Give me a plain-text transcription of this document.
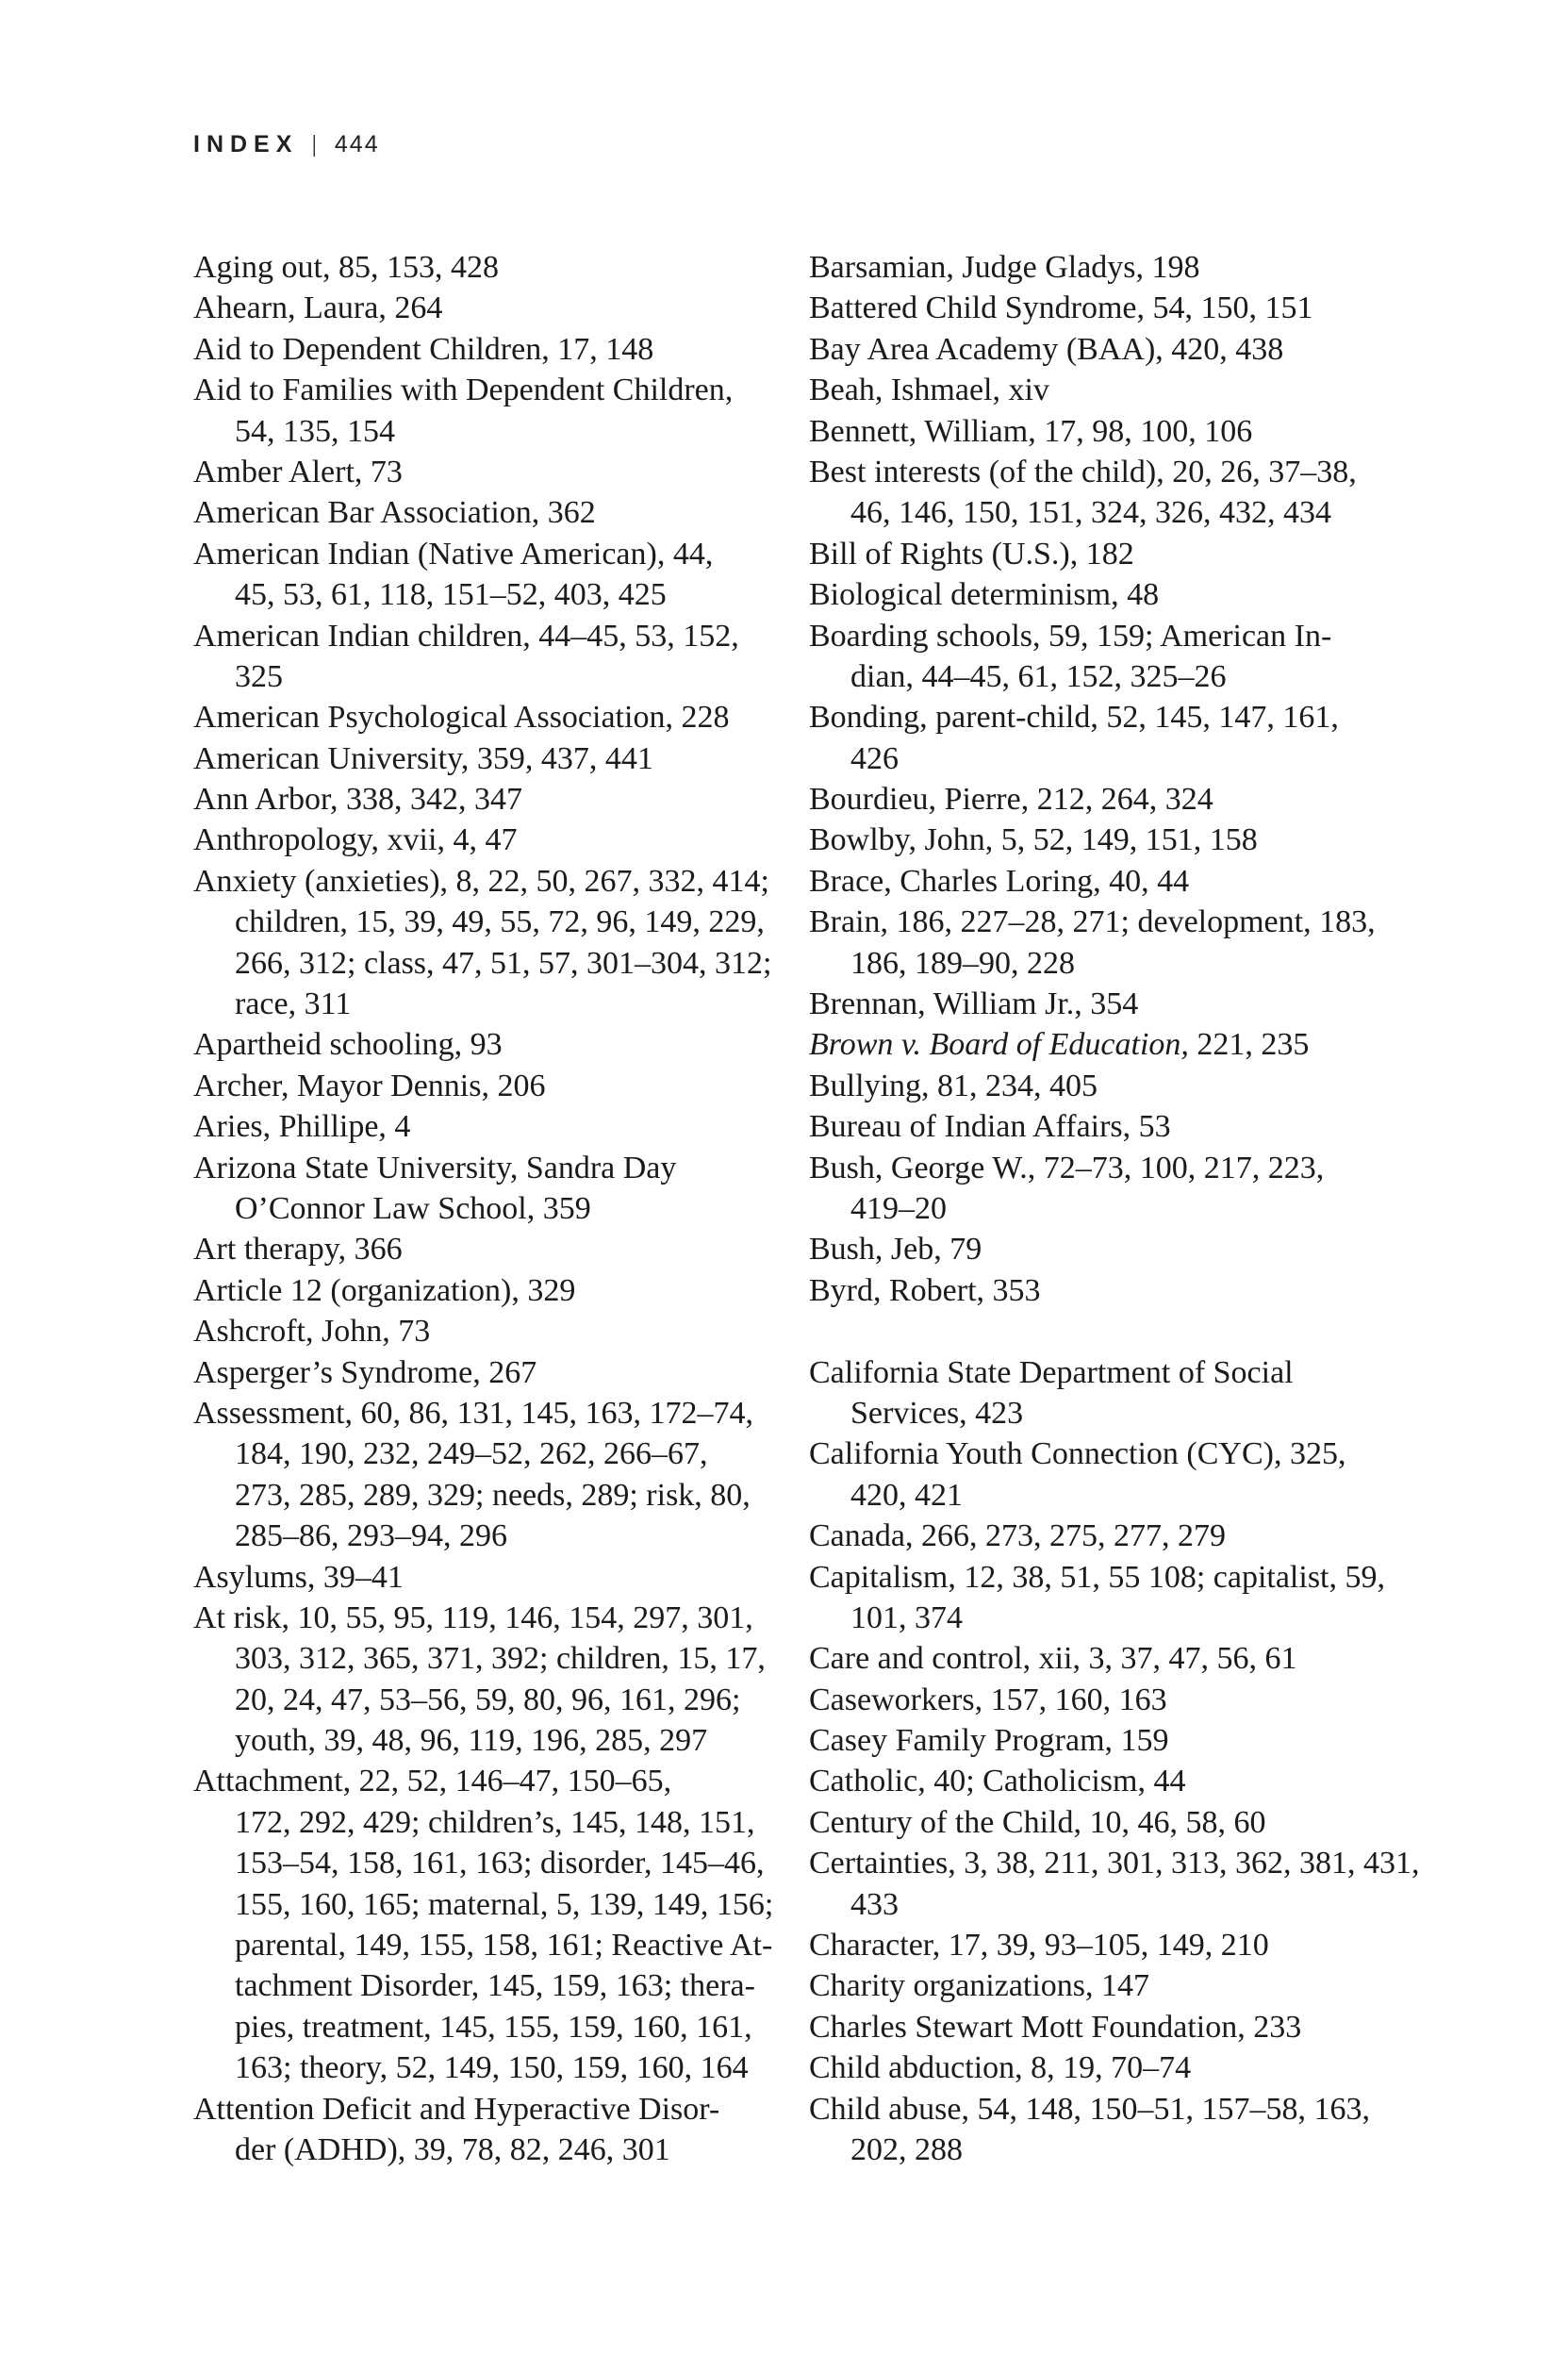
INDEX | 444
Aging out, 85, 153, 428
Ahearn, Laura, 264
Aid to Dependent Children, 17, 148
Aid to Families with Dependent Children,
54, 135, 154
Amber Alert, 73
American Bar Association, 362
American Indian (Native American), 44,
45, 53, 61, 118, 151–52, 403, 425
American Indian children, 44–45, 53, 152,
325
American Psychological Association, 228
American University, 359, 437, 441
Ann Arbor, 338, 342, 347
Anthropology, xvii, 4, 47
Anxiety (anxieties), 8, 22, 50, 267, 332, 414;
children, 15, 39, 49, 55, 72, 96, 149, 229,
266, 312; class, 47, 51, 57, 301–304, 312;
race, 311
Apartheid schooling, 93
Archer, Mayor Dennis, 206
Aries, Phillipe, 4
Arizona State University, Sandra Day
O’Connor Law School, 359
Art therapy, 366
Article 12 (organization), 329
Ashcroft, John, 73
Asperger’s Syndrome, 267
Assessment, 60, 86, 131, 145, 163, 172–74,
184, 190, 232, 249–52, 262, 266–67,
273, 285, 289, 329; needs, 289; risk, 80,
285–86, 293–94, 296
Asylums, 39–41
At risk, 10, 55, 95, 119, 146, 154, 297, 301,
303, 312, 365, 371, 392; children, 15, 17,
20, 24, 47, 53–56, 59, 80, 96, 161, 296;
youth, 39, 48, 96, 119, 196, 285, 297
Attachment, 22, 52, 146–47, 150–65,
172, 292, 429; children’s, 145, 148, 151,
153–54, 158, 161, 163; disorder, 145–46,
155, 160, 165; maternal, 5, 139, 149, 156;
parental, 149, 155, 158, 161; Reactive At-
tachment Disorder, 145, 159, 163; thera-
pies, treatment, 145, 155, 159, 160, 161,
163; theory, 52, 149, 150, 159, 160, 164
Attention Deficit and Hyperactive Disor-
der (ADHD), 39, 78, 82, 246, 301
Barsamian, Judge Gladys, 198
Battered Child Syndrome, 54, 150, 151
Bay Area Academy (BAA), 420, 438
Beah, Ishmael, xiv
Bennett, William, 17, 98, 100, 106
Best interests (of the child), 20, 26, 37–38,
46, 146, 150, 151, 324, 326, 432, 434
Bill of Rights (U.S.), 182
Biological determinism, 48
Boarding schools, 59, 159; American In-
dian, 44–45, 61, 152, 325–26
Bonding, parent-child, 52, 145, 147, 161,
426
Bourdieu, Pierre, 212, 264, 324
Bowlby, John, 5, 52, 149, 151, 158
Brace, Charles Loring, 40, 44
Brain, 186, 227–28, 271; development, 183,
186, 189–90, 228
Brennan, William Jr., 354
Brown v. Board of Education, 221, 235
Bullying, 81, 234, 405
Bureau of Indian Affairs, 53
Bush, George W., 72–73, 100, 217, 223,
419–20
Bush, Jeb, 79
Byrd, Robert, 353
California State Department of Social
Services, 423
California Youth Connection (CYC), 325,
420, 421
Canada, 266, 273, 275, 277, 279
Capitalism, 12, 38, 51, 55 108; capitalist, 59,
101, 374
Care and control, xii, 3, 37, 47, 56, 61
Caseworkers, 157, 160, 163
Casey Family Program, 159
Catholic, 40; Catholicism, 44
Century of the Child, 10, 46, 58, 60
Certainties, 3, 38, 211, 301, 313, 362, 381, 431,
433
Character, 17, 39, 93–105, 149, 210
Charity organizations, 147
Charles Stewart Mott Foundation, 233
Child abduction, 8, 19, 70–74
Child abuse, 54, 148, 150–51, 157–58, 163,
202, 288
